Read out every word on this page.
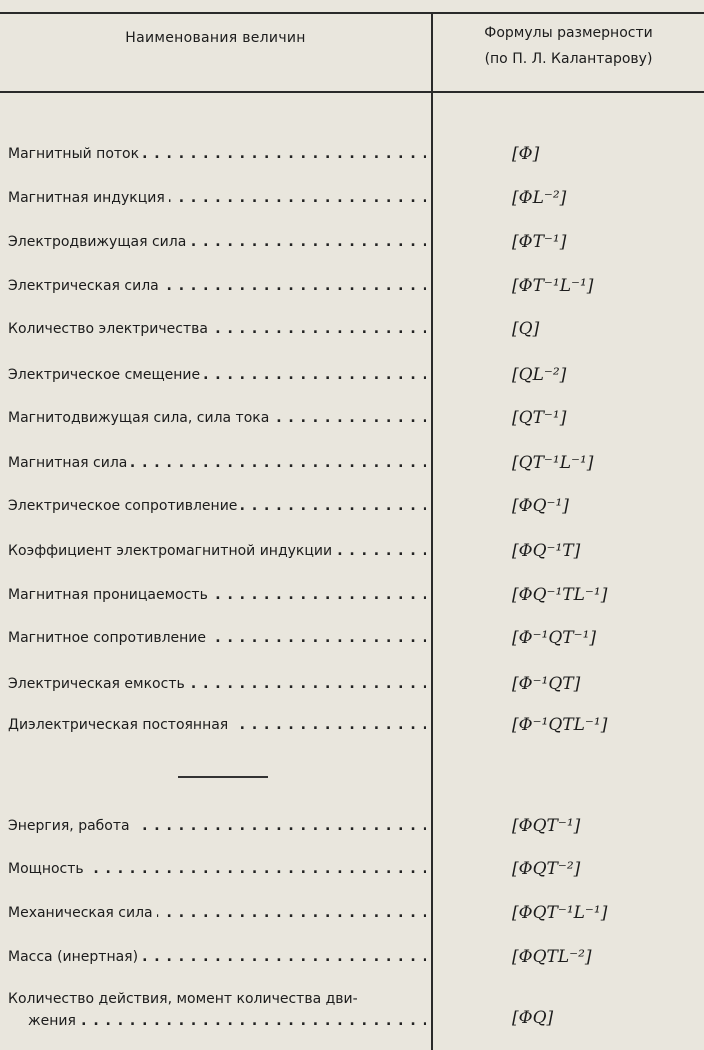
Наименования величин	Формулы размерности
(по П. Л. Калантарову)
Магнитный поток . . .	[Φ]
Магнитная индукция . . .	[ΦL⁻²]
Электродвижущая сила . . .	[ΦT⁻¹]
Электрическая сила . . .	[ΦT⁻¹L⁻¹]
Количество электричества . . .	[Q]
Электрическое смещение . . .	[QL⁻²]
Магнитодвижущая сила, сила тока . . .	[QT⁻¹]
Магнитная сила . . .	[QT⁻¹L⁻¹]
Электрическое сопротивление . . .	[ΦQ⁻¹]
Коэффициент электромагнитной индукции . . .	[ΦQ⁻¹T]
Магнитная проницаемость . . .	[ΦQ⁻¹TL⁻¹]
Магнитное сопротивление . . .	[Φ⁻¹QT⁻¹]
Электрическая емкость . . .	[Φ⁻¹QT]
Диэлектрическая постоянная . . .	[Φ⁻¹QTL⁻¹]
Энергия, работа . . .	[ΦQT⁻¹]
Мощность . . .	[ΦQT⁻²]
Механическая сила . . .	[ΦQT⁻¹L⁻¹]
Масса (инертная) . . .	[ΦQTL⁻²]
Количество действия, момент количества дви-
жения . . .	[ΦQ]
